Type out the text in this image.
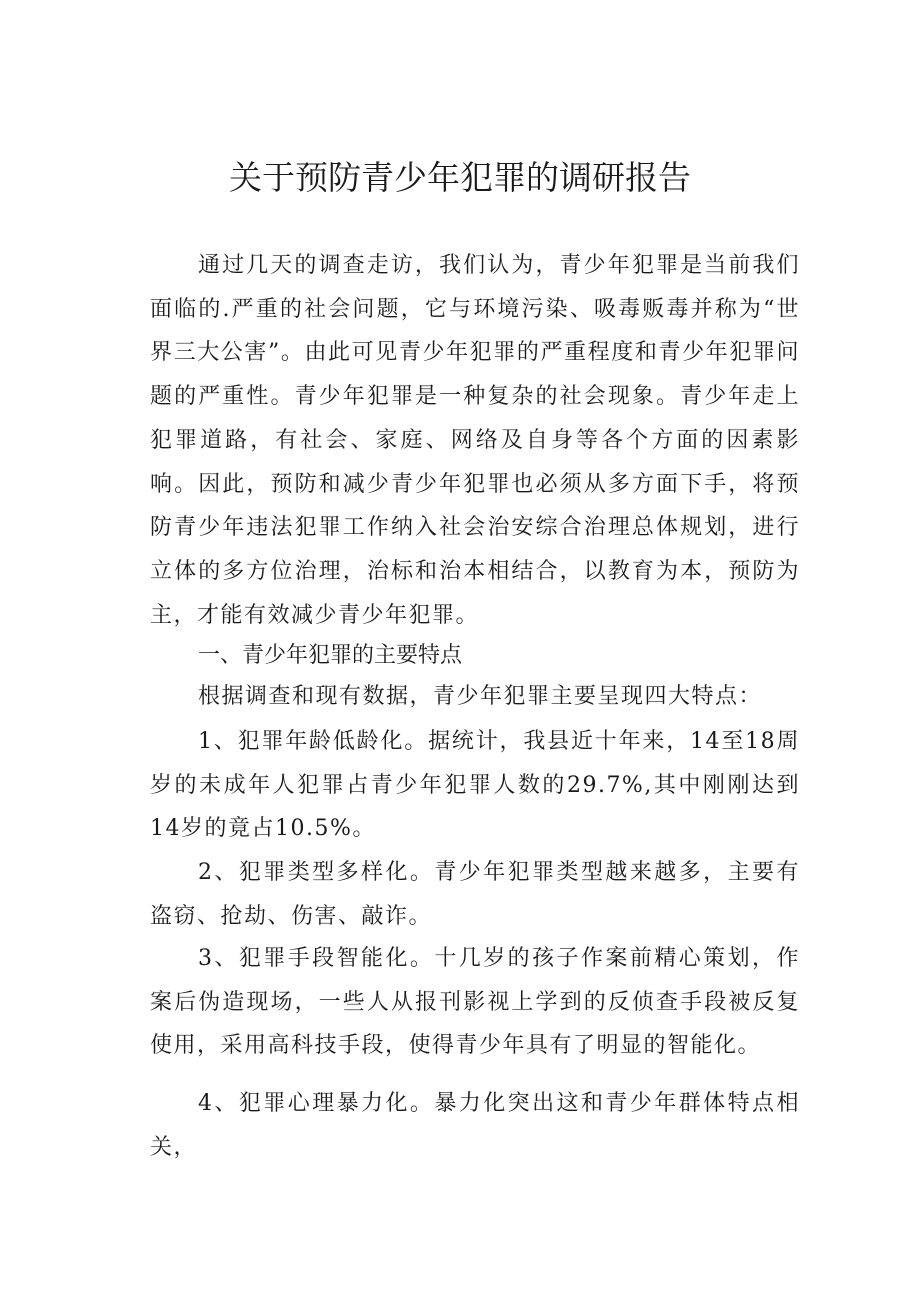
关于预防青少年犯罪的调研报告

通过几天的调查走访，我们认为，青少年犯罪是当前我们面临的.严重的社会问题，它与环境污染、吸毒贩毒并称为“世界三大公害”。由此可见青少年犯罪的严重程度和青少年犯罪问题的严重性。青少年犯罪是一种复杂的社会现象。青少年走上犯罪道路，有社会、家庭、网络及自身等各个方面的因素影响。因此，预防和减少青少年犯罪也必须从多方面下手，将预防青少年违法犯罪工作纳入社会治安综合治理总体规划，进行立体的多方位治理，治标和治本相结合，以教育为本，预防为主，才能有效减少青少年犯罪。

一、青少年犯罪的主要特点

根据调查和现有数据，青少年犯罪主要呈现四大特点：

1、犯罪年龄低龄化。据统计，我县近十年来，14至18周岁的未成年人犯罪占青少年犯罪人数的29.7%,其中刚刚达到14岁的竟占10.5%。

2、犯罪类型多样化。青少年犯罪类型越来越多，主要有盗窃、抢劫、伤害、敲诈。

3、犯罪手段智能化。十几岁的孩子作案前精心策划，作案后伪造现场，一些人从报刊影视上学到的反侦查手段被反复使用，采用高科技手段，使得青少年具有了明显的智能化。

4、犯罪心理暴力化。暴力化突出这和青少年群体特点相关，
